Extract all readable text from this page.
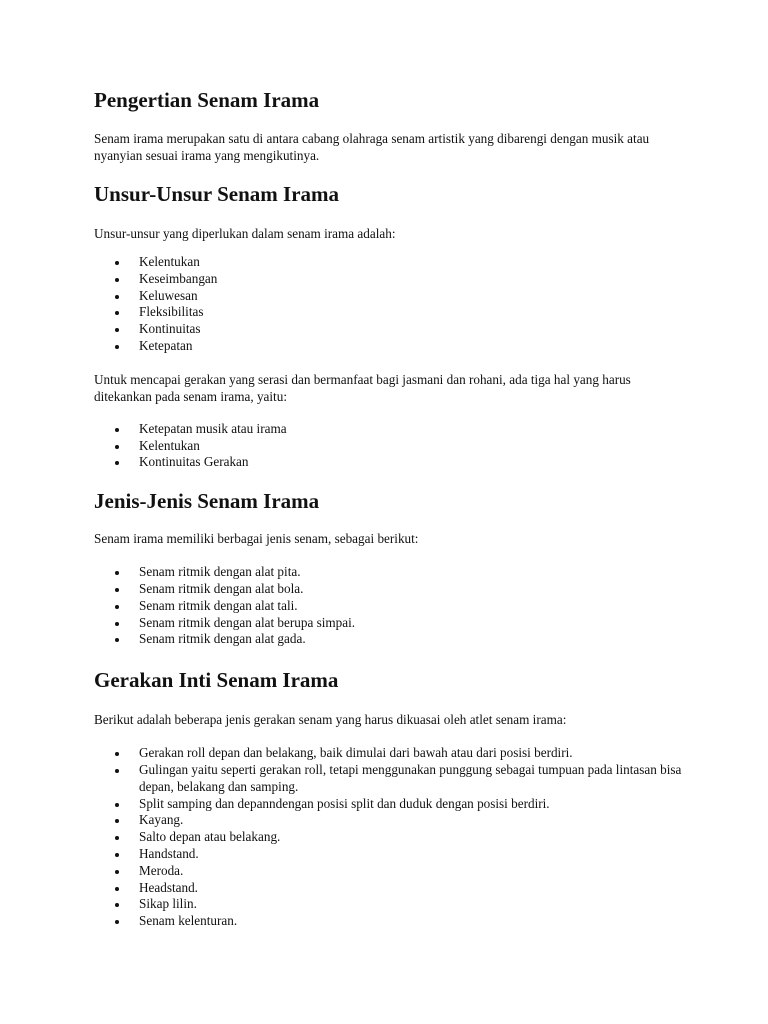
Pengertian Senam Irama

Senam irama merupakan satu di antara cabang olahraga senam artistik yang dibarengi dengan musik atau nyanyian sesuai irama yang mengikutinya.

Unsur-Unsur Senam Irama

Unsur-unsur yang diperlukan dalam senam irama adalah:

Kelentukan
Keseimbangan
Keluwesan
Fleksibilitas
Kontinuitas
Ketepatan

Untuk mencapai gerakan yang serasi dan bermanfaat bagi jasmani dan rohani, ada tiga hal yang harus ditekankan pada senam irama, yaitu:

Ketepatan musik atau irama
Kelentukan
Kontinuitas Gerakan
Jenis-Jenis Senam Irama

Senam irama memiliki berbagai jenis senam, sebagai berikut:

Senam ritmik dengan alat pita.
Senam ritmik dengan alat bola.
Senam ritmik dengan alat tali.
Senam ritmik dengan alat berupa simpai.
Senam ritmik dengan alat gada.
Gerakan Inti Senam Irama

Berikut adalah beberapa jenis gerakan senam yang harus dikuasai oleh atlet senam irama:

Gerakan roll depan dan belakang, baik dimulai dari bawah atau dari posisi berdiri.
Gulingan yaitu seperti gerakan roll, tetapi menggunakan punggung sebagai tumpuan pada lintasan bisa depan, belakang dan samping.
Split samping dan depanndengan posisi split dan duduk dengan posisi berdiri.
Kayang.
Salto depan atau belakang.
Handstand.
Meroda.
Headstand.
Sikap lilin.
Senam kelenturan.
